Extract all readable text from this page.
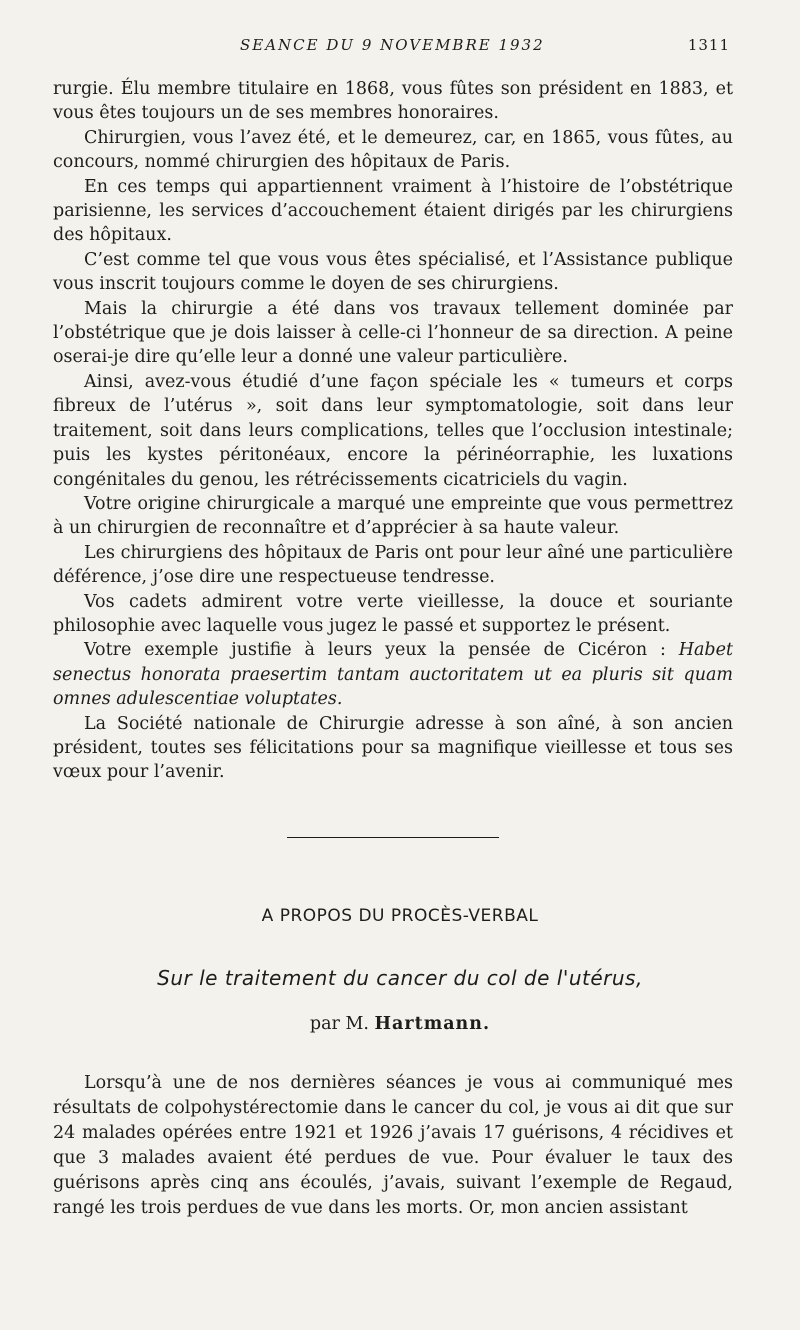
SEANCE DU 9 NOVEMBRE 1932	1311

rurgie. Élu membre titulaire en 1868, vous fûtes son président en 1883, et vous êtes toujours un de ses membres honoraires.

Chirurgien, vous l’avez été, et le demeurez, car, en 1865, vous fûtes, au concours, nommé chirurgien des hôpitaux de Paris.

En ces temps qui appartiennent vraiment à l’histoire de l’obstétrique parisienne, les services d’accouchement étaient dirigés par les chirurgiens des hôpitaux.

C’est comme tel que vous vous êtes spécialisé, et l’Assistance publique vous inscrit toujours comme le doyen de ses chirurgiens.

Mais la chirurgie a été dans vos travaux tellement dominée par l’obstétrique que je dois laisser à celle-ci l’honneur de sa direction. A peine oserai-je dire qu’elle leur a donné une valeur particulière.

Ainsi, avez-vous étudié d’une façon spéciale les « tumeurs et corps fibreux de l’utérus », soit dans leur symptomatologie, soit dans leur traitement, soit dans leurs complications, telles que l’occlusion intestinale; puis les kystes péritonéaux, encore la périnéorraphie, les luxations congénitales du genou, les rétrécissements cicatriciels du vagin.

Votre origine chirurgicale a marqué une empreinte que vous permettrez à un chirurgien de reconnaître et d’apprécier à sa haute valeur.

Les chirurgiens des hôpitaux de Paris ont pour leur aîné une particulière déférence, j’ose dire une respectueuse tendresse.

Vos cadets admirent votre verte vieillesse, la douce et souriante philosophie avec laquelle vous jugez le passé et supportez le présent.

Votre exemple justifie à leurs yeux la pensée de Cicéron : Habet senectus honorata praesertim tantam auctoritatem ut ea pluris sit quam omnes adulescentiae voluptates.

La Société nationale de Chirurgie adresse à son aîné, à son ancien président, toutes ses félicitations pour sa magnifique vieillesse et tous ses vœux pour l’avenir.

A PROPOS DU PROCÈS-VERBAL
Sur le traitement du cancer du col de l'utérus,
par M. Hartmann.

Lorsqu’à une de nos dernières séances je vous ai communiqué mes résultats de colpohystérectomie dans le cancer du col, je vous ai dit que sur 24 malades opérées entre 1921 et 1926 j’avais 17 guérisons, 4 récidives et que 3 malades avaient été perdues de vue. Pour évaluer le taux des guérisons après cinq ans écoulés, j’avais, suivant l’exemple de Regaud, rangé les trois perdues de vue dans les morts. Or, mon ancien assistant
